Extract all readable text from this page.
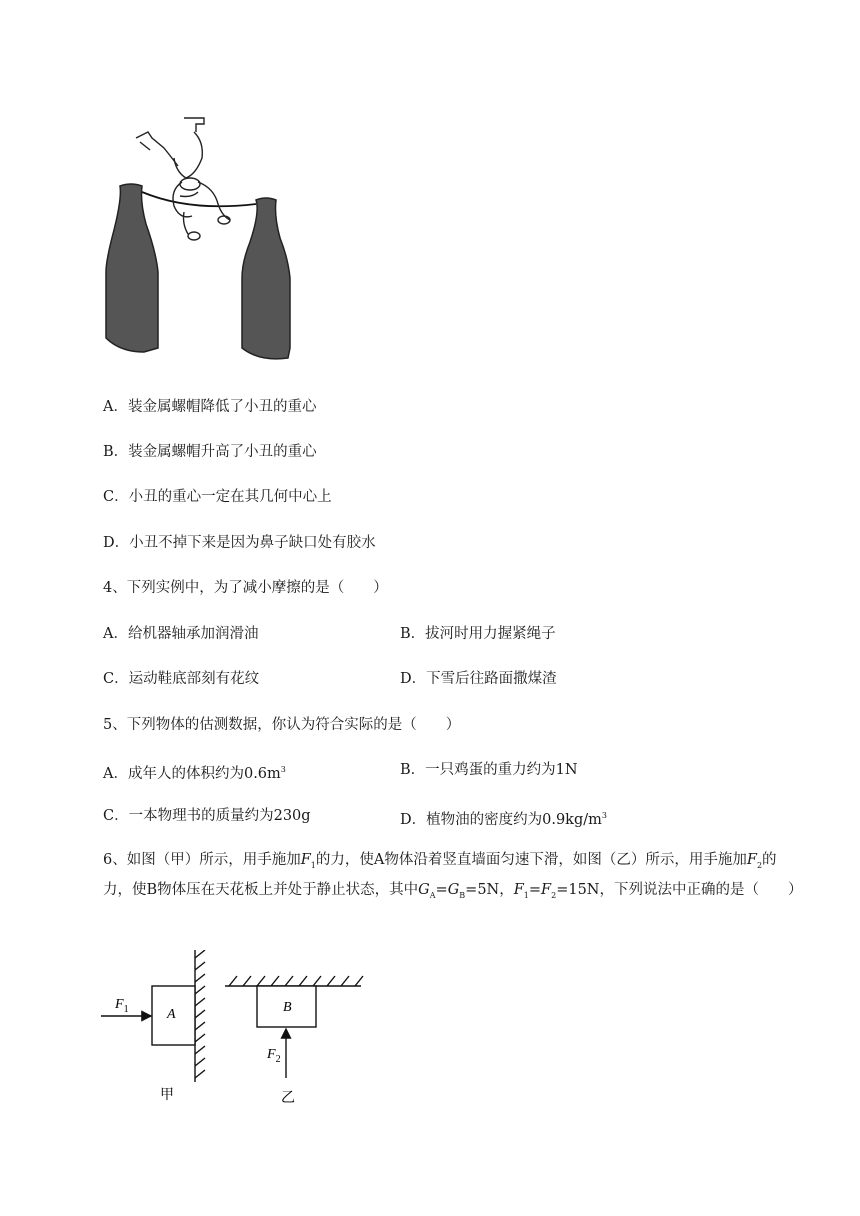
A．装金属螺帽降低了小丑的重心
B．装金属螺帽升高了小丑的重心
C．小丑的重心一定在其几何中心上
D．小丑不掉下来是因为鼻子缺口处有胶水
4、下列实例中，为了减小摩擦的是（　　）
A．给机器轴承加润滑油	B．拔河时用力握紧绳子
C．运动鞋底部刻有花纹	D．下雪后往路面撒煤渣
5、下列物体的估测数据，你认为符合实际的是（　　）
A．成年人的体积约为$0.6m^3$	B．一只鸡蛋的重力约为1N
C．一本物理书的质量约为230g	D．植物油的密度约为$0.9kg/m^3$
6、如图（甲）所示，用手施加$F_1$的力，使A物体沿着竖直墙面匀速下滑，如图（乙）所示，用手施加$F_2$的力，使B物体压在天花板上并处于静止状态，其中$G_A=G_B=5N$，$F_1=F_2=15N$，下列说法中正确的是（　　）
A
$F_1$
甲
B
$F_2$
乙
